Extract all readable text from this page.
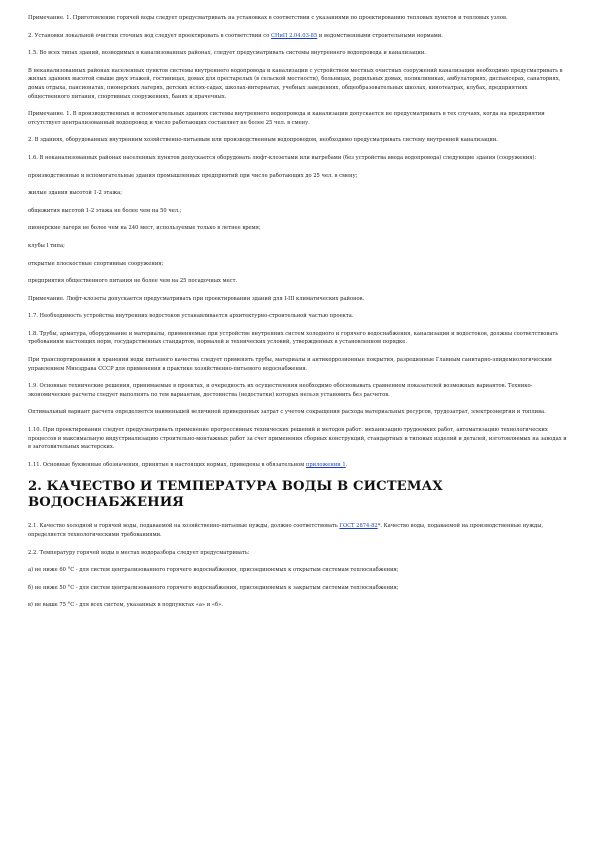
Примечание. 1. Приготовление горячей воды следует предусматривать на установках в соответствии с указаниями по проектированию тепловых пунктов и тепловых узлов.

2. Установки локальной очистки сточных вод следует проектировать в соответствии со СНиП 2.04.03-85 и ведомственными строительными нормами.

1.5. Во всех типах зданий, возводимых в канализованных районах, следует предусматривать системы внутреннего водопровода и канализации.

В неканализованных районах населенных пунктов системы внутреннего водопровода и канализации с устройством местных очистных сооружений канализации необходимо предусматривать в жилых зданиях высотой свыше двух этажей, гостиницах, домах для престарелых (в сельской местности), больницах, родильных домах, поликлиниках, амбулаториях, диспансерах, санаториях, домах отдыха, пансионатах, пионерских лагерях, детских яслях-садах, школах-интернатах, учебных заведениях, общеобразовательных школах, кинотеатрах, клубах, предприятиях общественного питания, спортивных сооружениях, банях и прачечных.

Примечание. 1. В производственных и вспомогательных зданиях системы внутреннего водопровода и канализации допускается не предусматривать в тех случаях, когда на предприятии отсутствует централизованный водопровод и число работающих составляет не более 25 чел. в смену.

2. В зданиях, оборудованных внутренним хозяйственно-питьевым или производственным водопроводом, необходимо предусматривать систему внутренней канализации.

1.6. В неканализованных районах населенных пунктов допускается оборудовать люфт-клозетами или выгребами (без устройства ввода водопровода) следующие здания (сооружения):

производственные и вспомогательные здания промышленных предприятий при числе работающих до 25 чел. в смену;

жилые здания высотой 1-2 этажа;

общежития высотой 1-2 этажа не более чем на 50 чел.;

пионерские лагеря не более чем на 240 мест, используемые только в летнее время;

клубы I типа;

открытые плоскостные спортивные сооружения;

предприятия общественного питания не более чем на 25 посадочных мест.

Примечание. Люфт-клозеты допускается предусматривать при проектировании зданий для I-III климатических районов.

1.7. Необходимость устройства внутренних водостоков устанавливается архитектурно-строительной частью проекта.

1.8. Трубы, арматура, оборудование и материалы, применяемые при устройстве внутренних систем холодного и горячего водоснабжения, канализации и водостоков, должны соответствовать требованиям настоящих норм, государственных стандартов, нормалей и технических условий, утвержденных в установленном порядке.

При транспортировании и хранении воды питьевого качества следует применять трубы, материалы и антикоррозионные покрытия, разрешенные Главным санитарно-эпидемиологическим управлением Минздрава СССР для применения в практике хозяйственно-питьевого водоснабжения.

1.9. Основные технические решения, принимаемые в проектах, и очередность их осуществления необходимо обосновывать сравнением показателей возможных вариантов. Технико-экономические расчеты следует выполнять по тем вариантам, достоинства (недостатки) которых нельзя установить без расчетов.

Оптимальный вариант расчета определяется наименьшей величиной приведенных затрат с учетом сокращения расхода материальных ресурсов, трудозатрат, электроэнергии и топлива.

1.10. При проектировании следует предусматривать применение прогрессивных технических решений и методов работ: механизацию трудоемких работ, автоматизацию технологических процессов и максимальную индустриализацию строительно-монтажных работ за счет применения сборных конструкций, стандартных и типовых изделий и деталей, изготовляемых на заводах и в заготовительных мастерских.

1.11. Основные буквенные обозначения, принятые в настоящих нормах, приведены в обязательном приложении 1.

2. КАЧЕСТВО И ТЕМПЕРАТУРА ВОДЫ В СИСТЕМАХ ВОДОСНАБЖЕНИЯ

2.1. Качество холодной и горячей воды, подаваемой на хозяйственно-питьевые нужды, должно соответствовать ГОСТ 2874-82*. Качество воды, подаваемой на производственные нужды, определяется технологическими требованиями.

2.2. Температуру горячей воды в местах водоразбора следует предусматривать:

а) не ниже 60 °С - для систем централизованного горячего водоснабжения, присоединяемых к открытым системам теплоснабжения;

б) не ниже 50 °С - для систем централизованного горячего водоснабжения, присоединяемых к закрытым системам теплоснабжения;

в) не выше 75 °С - для всех систем, указанных в подпунктах «а» и «б».
